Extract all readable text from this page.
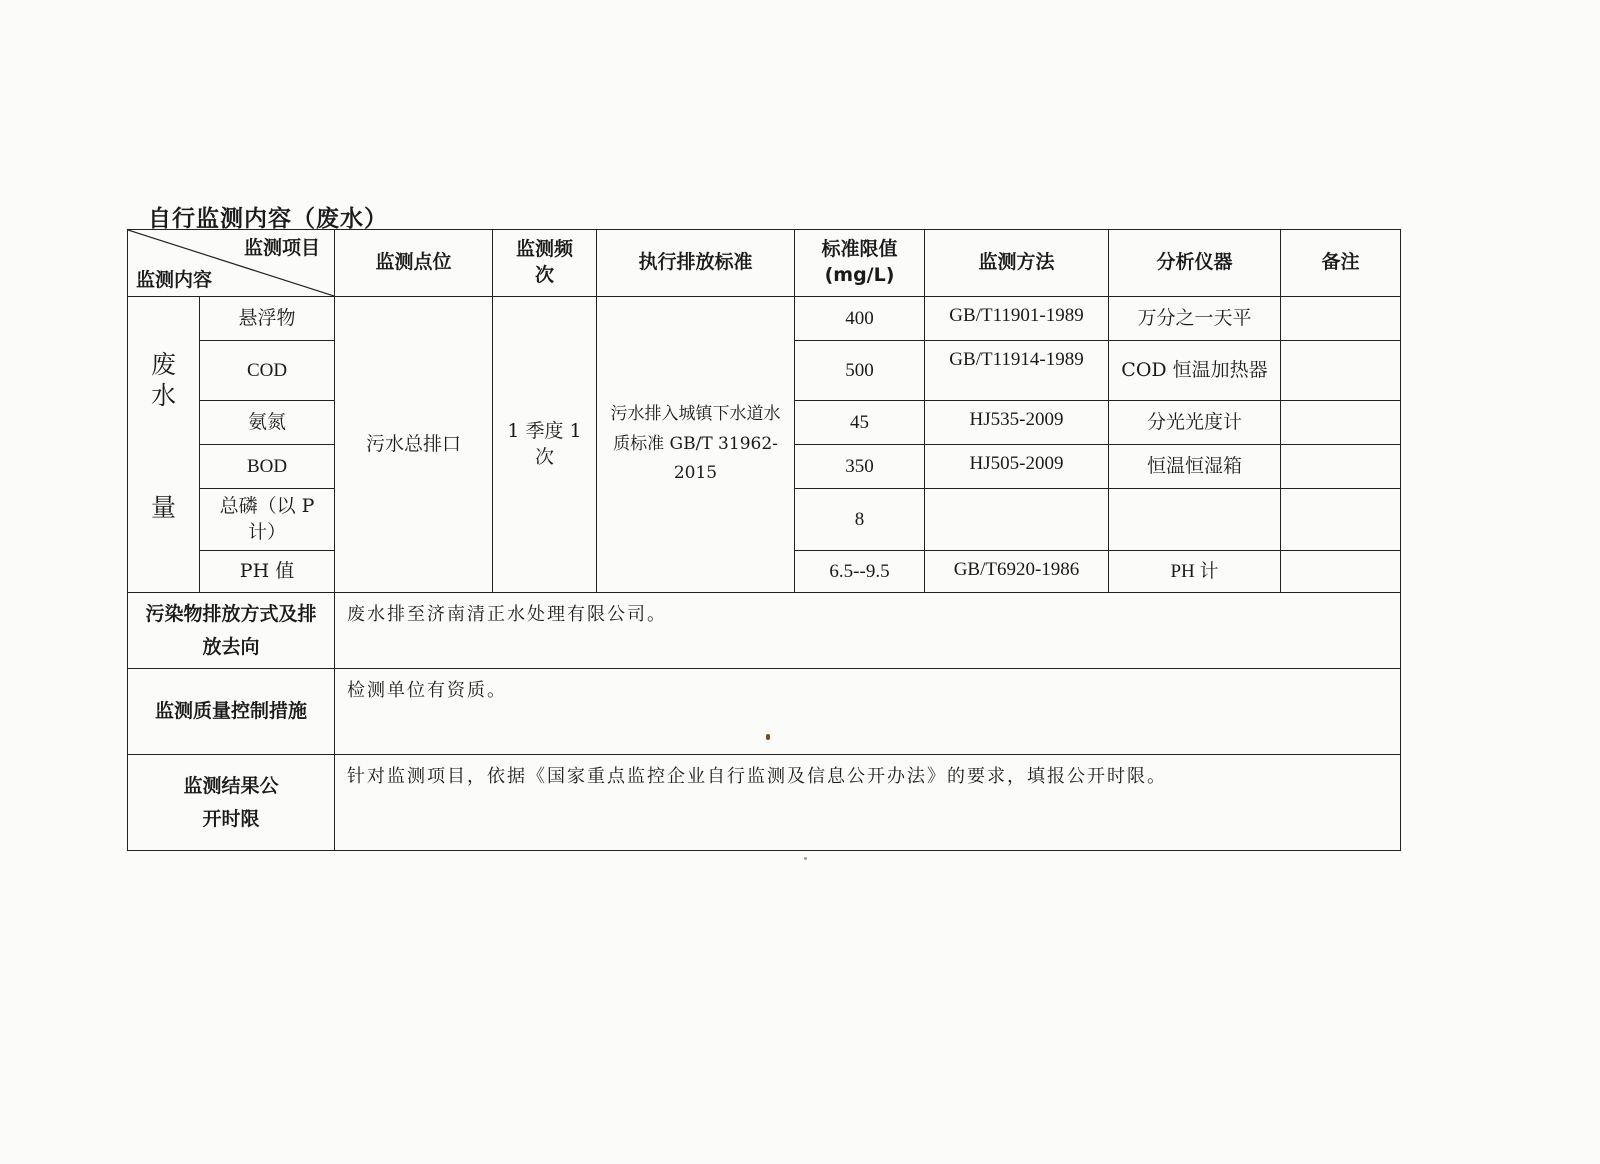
自行监测内容（废水）
监测项目
监测内容		监测点位	监测频次	执行排放标准	标准限值(mg/L)	监测方法	分析仪器	备注

废
水
量	悬浮物	污水总排口	1 季度 1 次	污水排入城镇下水道水质标准 GB/T 31962-2015	400	GB/T11901-1989	万分之一天平	
	COD				500	GB/T11914-1989	COD 恒温加热器	
	氨氮				45	HJ535-2009	分光光度计	
	BOD				350	HJ505-2009	恒温恒湿箱	
	总磷（以 P 计）				8			
	PH 值				6.5--9.5	GB/T6920-1986	PH 计	
污染物排放方式及排放去向		废水排至济南清正水处理有限公司。						
监测质量控制措施		检测单位有资质。						
监测结果公开时限		针对监测项目，依据《国家重点监控企业自行监测及信息公开办法》的要求，填报公开时限。						
